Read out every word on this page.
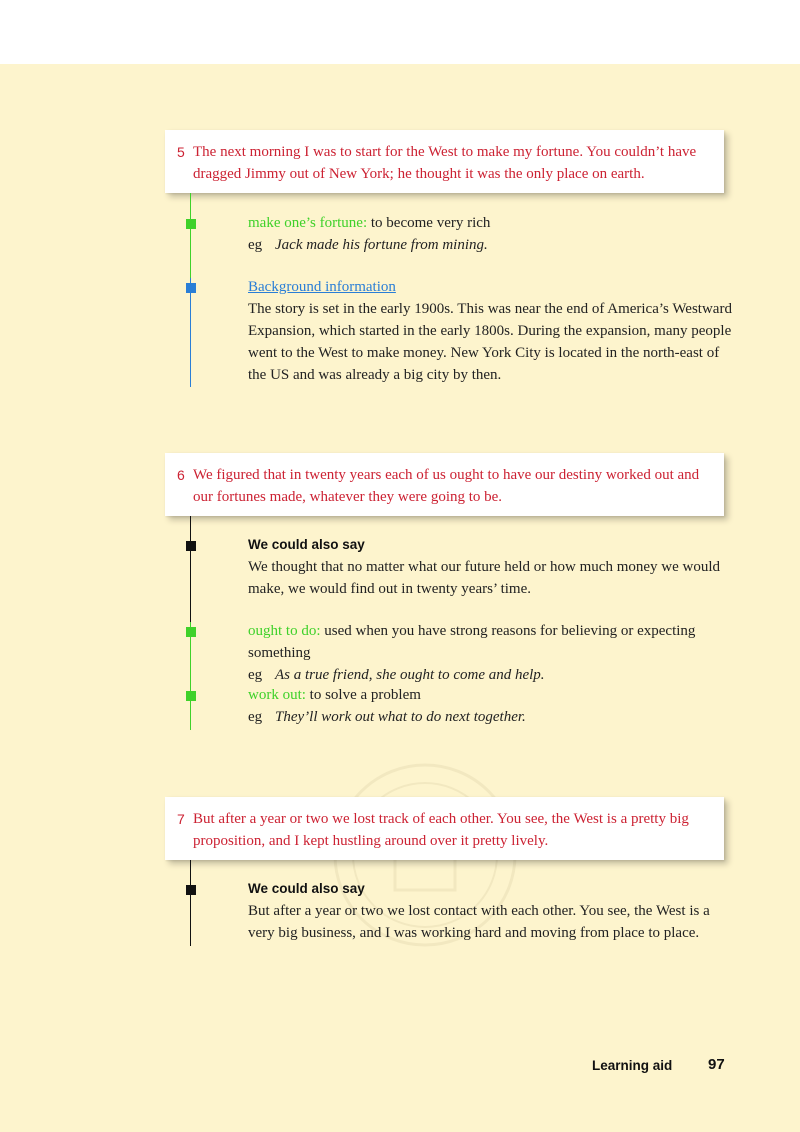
5 The next morning I was to start for the West to make my fortune. You couldn’t have dragged Jimmy out of New York; he thought it was the only place on earth.
make one’s fortune: to become very rich
eg Jack made his fortune from mining.
Background information
The story is set in the early 1900s. This was near the end of America’s Westward Expansion, which started in the early 1800s. During the expansion, many people went to the West to make money. New York City is located in the north-east of the US and was already a big city by then.
6 We figured that in twenty years each of us ought to have our destiny worked out and our fortunes made, whatever they were going to be.
We could also say
We thought that no matter what our future held or how much money we would make, we would find out in twenty years’ time.
ought to do: used when you have strong reasons for believing or expecting something
eg As a true friend, she ought to come and help.
work out: to solve a problem
eg They’ll work out what to do next together.
7 But after a year or two we lost track of each other. You see, the West is a pretty big proposition, and I kept hustling around over it pretty lively.
We could also say
But after a year or two we lost contact with each other. You see, the West is a very big business, and I was working hard and moving from place to place.
Learning aid 97
